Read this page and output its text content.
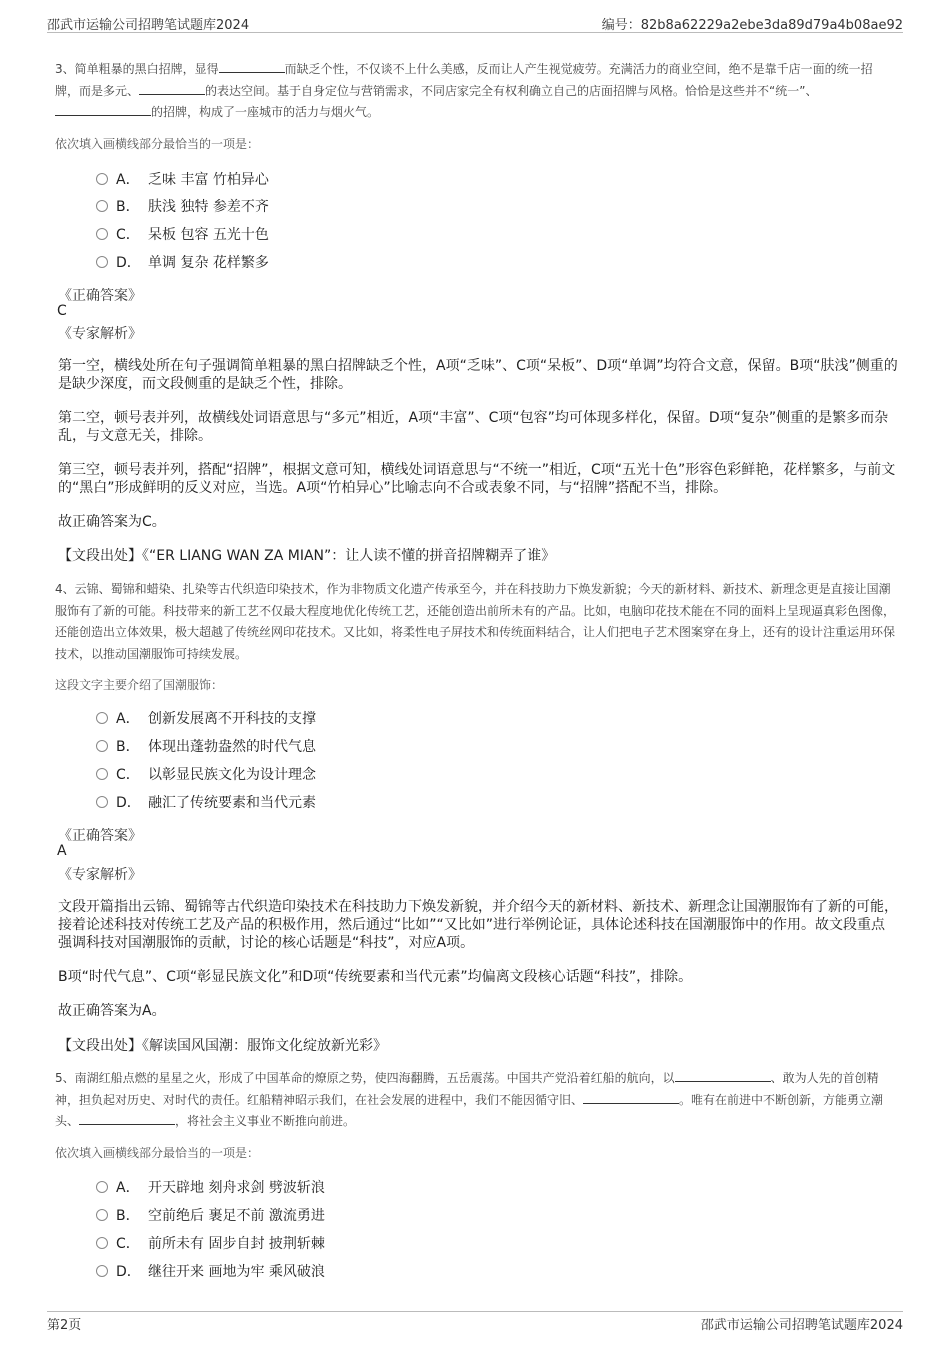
邵武市运输公司招聘笔试题库2024	编号：82b8a62229a2ebe3da89d79a4b08ae92
3、简单粗暴的黑白招牌，显得	而缺乏个性，不仅谈不上什么美感，反而让人产生视觉疲劳。充满活力的商业空间，绝不是靠千店一面的统一招牌，而是多元、	的表达空间。基于自身定位与营销需求，不同店家完全有权利确立自己的店面招牌与风格。恰恰是这些并不“统一”、的招牌，构成了一座城市的活力与烟火气。
依次填入画横线部分最恰当的一项是：
A． 乏味 丰富 竹柏异心
B． 肤浅 独特 参差不齐
C． 呆板 包容 五光十色
D． 单调 复杂 花样繁多
《正确答案》
C
《专家解析》
第一空，横线处所在句子强调简单粗暴的黑白招牌缺乏个性，A项“乏味”、C项“呆板”、D项“单调”均符合文意，保留。B项“肤浅”侧重的是缺少深度，而文段侧重的是缺乏个性，排除。
第二空，顿号表并列，故横线处词语意思与“多元”相近，A项“丰富”、C项“包容”均可体现多样化，保留。D项“复杂”侧重的是繁多而杂乱，与文意无关，排除。
第三空，顿号表并列，搭配“招牌”，根据文意可知，横线处词语意思与“不统一”相近，C项“五光十色”形容色彩鲜艳，花样繁多，与前文的“黑白”形成鲜明的反义对应，当选。A项“竹柏异心”比喻志向不合或表象不同，与“招牌”搭配不当，排除。
故正确答案为C。
【文段出处】《“ER LIANG WAN ZA MIAN”：让人读不懂的拼音招牌糊弄了谁》
4、云锦、蜀锦和蜡染、扎染等古代织造印染技术，作为非物质文化遗产传承至今，并在科技助力下焕发新貌；今天的新材料、新技术、新理念更是直接让国潮服饰有了新的可能。科技带来的新工艺不仅最大程度地优化传统工艺，还能创造出前所未有的产品。比如，电脑印花技术能在不同的面料上呈现逼真彩色图像，还能创造出立体效果，极大超越了传统丝网印花技术。又比如，将柔性电子屏技术和传统面料结合，让人们把电子艺术图案穿在身上，还有的设计注重运用环保技术，以推动国潮服饰可持续发展。
这段文字主要介绍了国潮服饰：
A． 创新发展离不开科技的支撑
B． 体现出蓬勃盎然的时代气息
C． 以彰显民族文化为设计理念
D． 融汇了传统要素和当代元素
《正确答案》
A
《专家解析》
文段开篇指出云锦、蜀锦等古代织造印染技术在科技助力下焕发新貌，并介绍今天的新材料、新技术、新理念让国潮服饰有了新的可能，接着论述科技对传统工艺及产品的积极作用，然后通过“比如”“又比如”进行举例论证，具体论述科技在国潮服饰中的作用。故文段重点强调科技对国潮服饰的贡献，讨论的核心话题是“科技”，对应A项。
B项“时代气息”、C项“彰显民族文化”和D项“传统要素和当代元素”均偏离文段核心话题“科技”，排除。
故正确答案为A。
【文段出处】《解读国风国潮：服饰文化绽放新光彩》
5、南湖红船点燃的星星之火，形成了中国革命的燎原之势，使四海翻腾，五岳震荡。中国共产党沿着红船的航向，以	、敢为人先的首创精神，担负起对历史、对时代的责任。红船精神昭示我们，在社会发展的进程中，我们不能因循守旧、	。唯有在前进中不断创新，方能勇立潮头、	，将社会主义事业不断推向前进。
依次填入画横线部分最恰当的一项是：
A． 开天辟地 刻舟求剑 劈波斩浪
B． 空前绝后 裹足不前 激流勇进
C． 前所未有 固步自封 披荆斩棘
D． 继往开来 画地为牢 乘风破浪
第2页	邵武市运输公司招聘笔试题库2024
